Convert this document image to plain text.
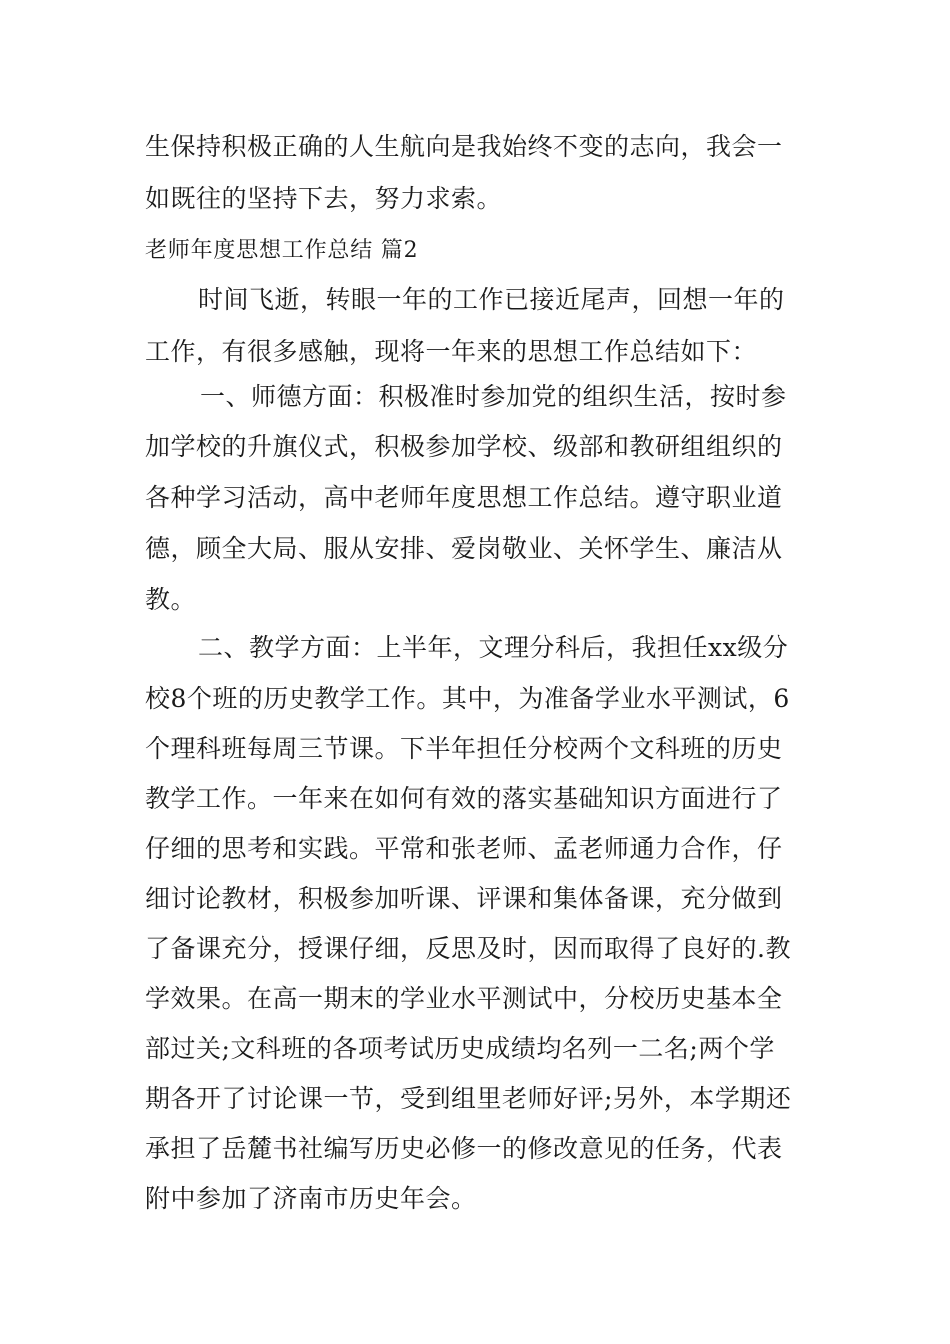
生保持积极正确的人生航向是我始终不变的志向，我会一
如既往的坚持下去，努力求索。
老师年度思想工作总结 篇2
时间飞逝，转眼一年的工作已接近尾声，回想一年的
工作，有很多感触，现将一年来的思想工作总结如下：
一、师德方面：积极准时参加党的组织生活，按时参
加学校的升旗仪式，积极参加学校、级部和教研组组织的
各种学习活动，高中老师年度思想工作总结。遵守职业道
德，顾全大局、服从安排、爱岗敬业、关怀学生、廉洁从
教。
二、教学方面：上半年，文理分科后，我担任xx级分
校8个班的历史教学工作。其中，为准备学业水平测试，6
个理科班每周三节课。下半年担任分校两个文科班的历史
教学工作。一年来在如何有效的落实基础知识方面进行了
仔细的思考和实践。平常和张老师、孟老师通力合作，仔
细讨论教材，积极参加听课、评课和集体备课，充分做到
了备课充分，授课仔细，反思及时，因而取得了良好的.教
学效果。在高一期末的学业水平测试中，分校历史基本全
部过关;文科班的各项考试历史成绩均名列一二名;两个学
期各开了讨论课一节，受到组里老师好评;另外，本学期还
承担了岳麓书社编写历史必修一的修改意见的任务，代表
附中参加了济南市历史年会。
